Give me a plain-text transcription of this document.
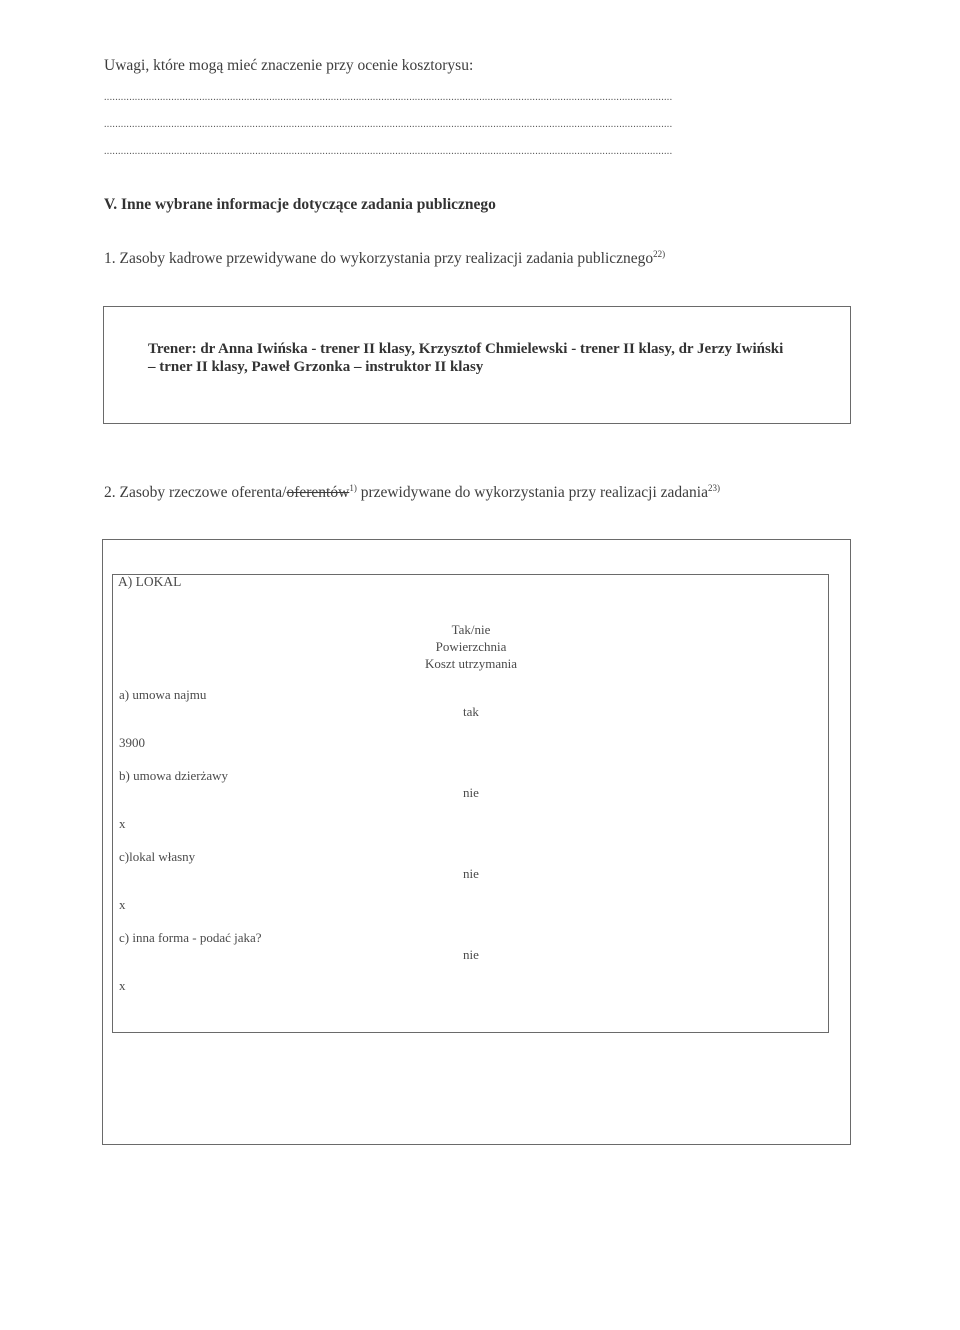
Uwagi, które mogą mieć znaczenie przy ocenie kosztorysu:
...........................................................................................................................................................................................................
...........................................................................................................................................................................................................
...........................................................................................................................................................................................................
V. Inne wybrane informacje dotyczące zadania publicznego
1. Zasoby kadrowe przewidywane do wykorzystania przy realizacji zadania publicznego$^{22)}$
Trener: dr Anna Iwińska - trener II klasy, Krzysztof Chmielewski - trener II klasy, dr Jerzy Iwiński
– trner II klasy, Paweł Grzonka – instruktor II klasy
2. Zasoby rzeczowe oferenta/oferentów$^{1)}$ przewidywane do wykorzystania przy realizacji zadania$^{23)}$
A) LOKAL
Tak/nie
Powierzchnia
Koszt utrzymania
a) umowa najmu
tak
3900
b) umowa dzierżawy
nie
x
c)lokal własny
nie
x
c) inna forma - podać jaka?
nie
x
